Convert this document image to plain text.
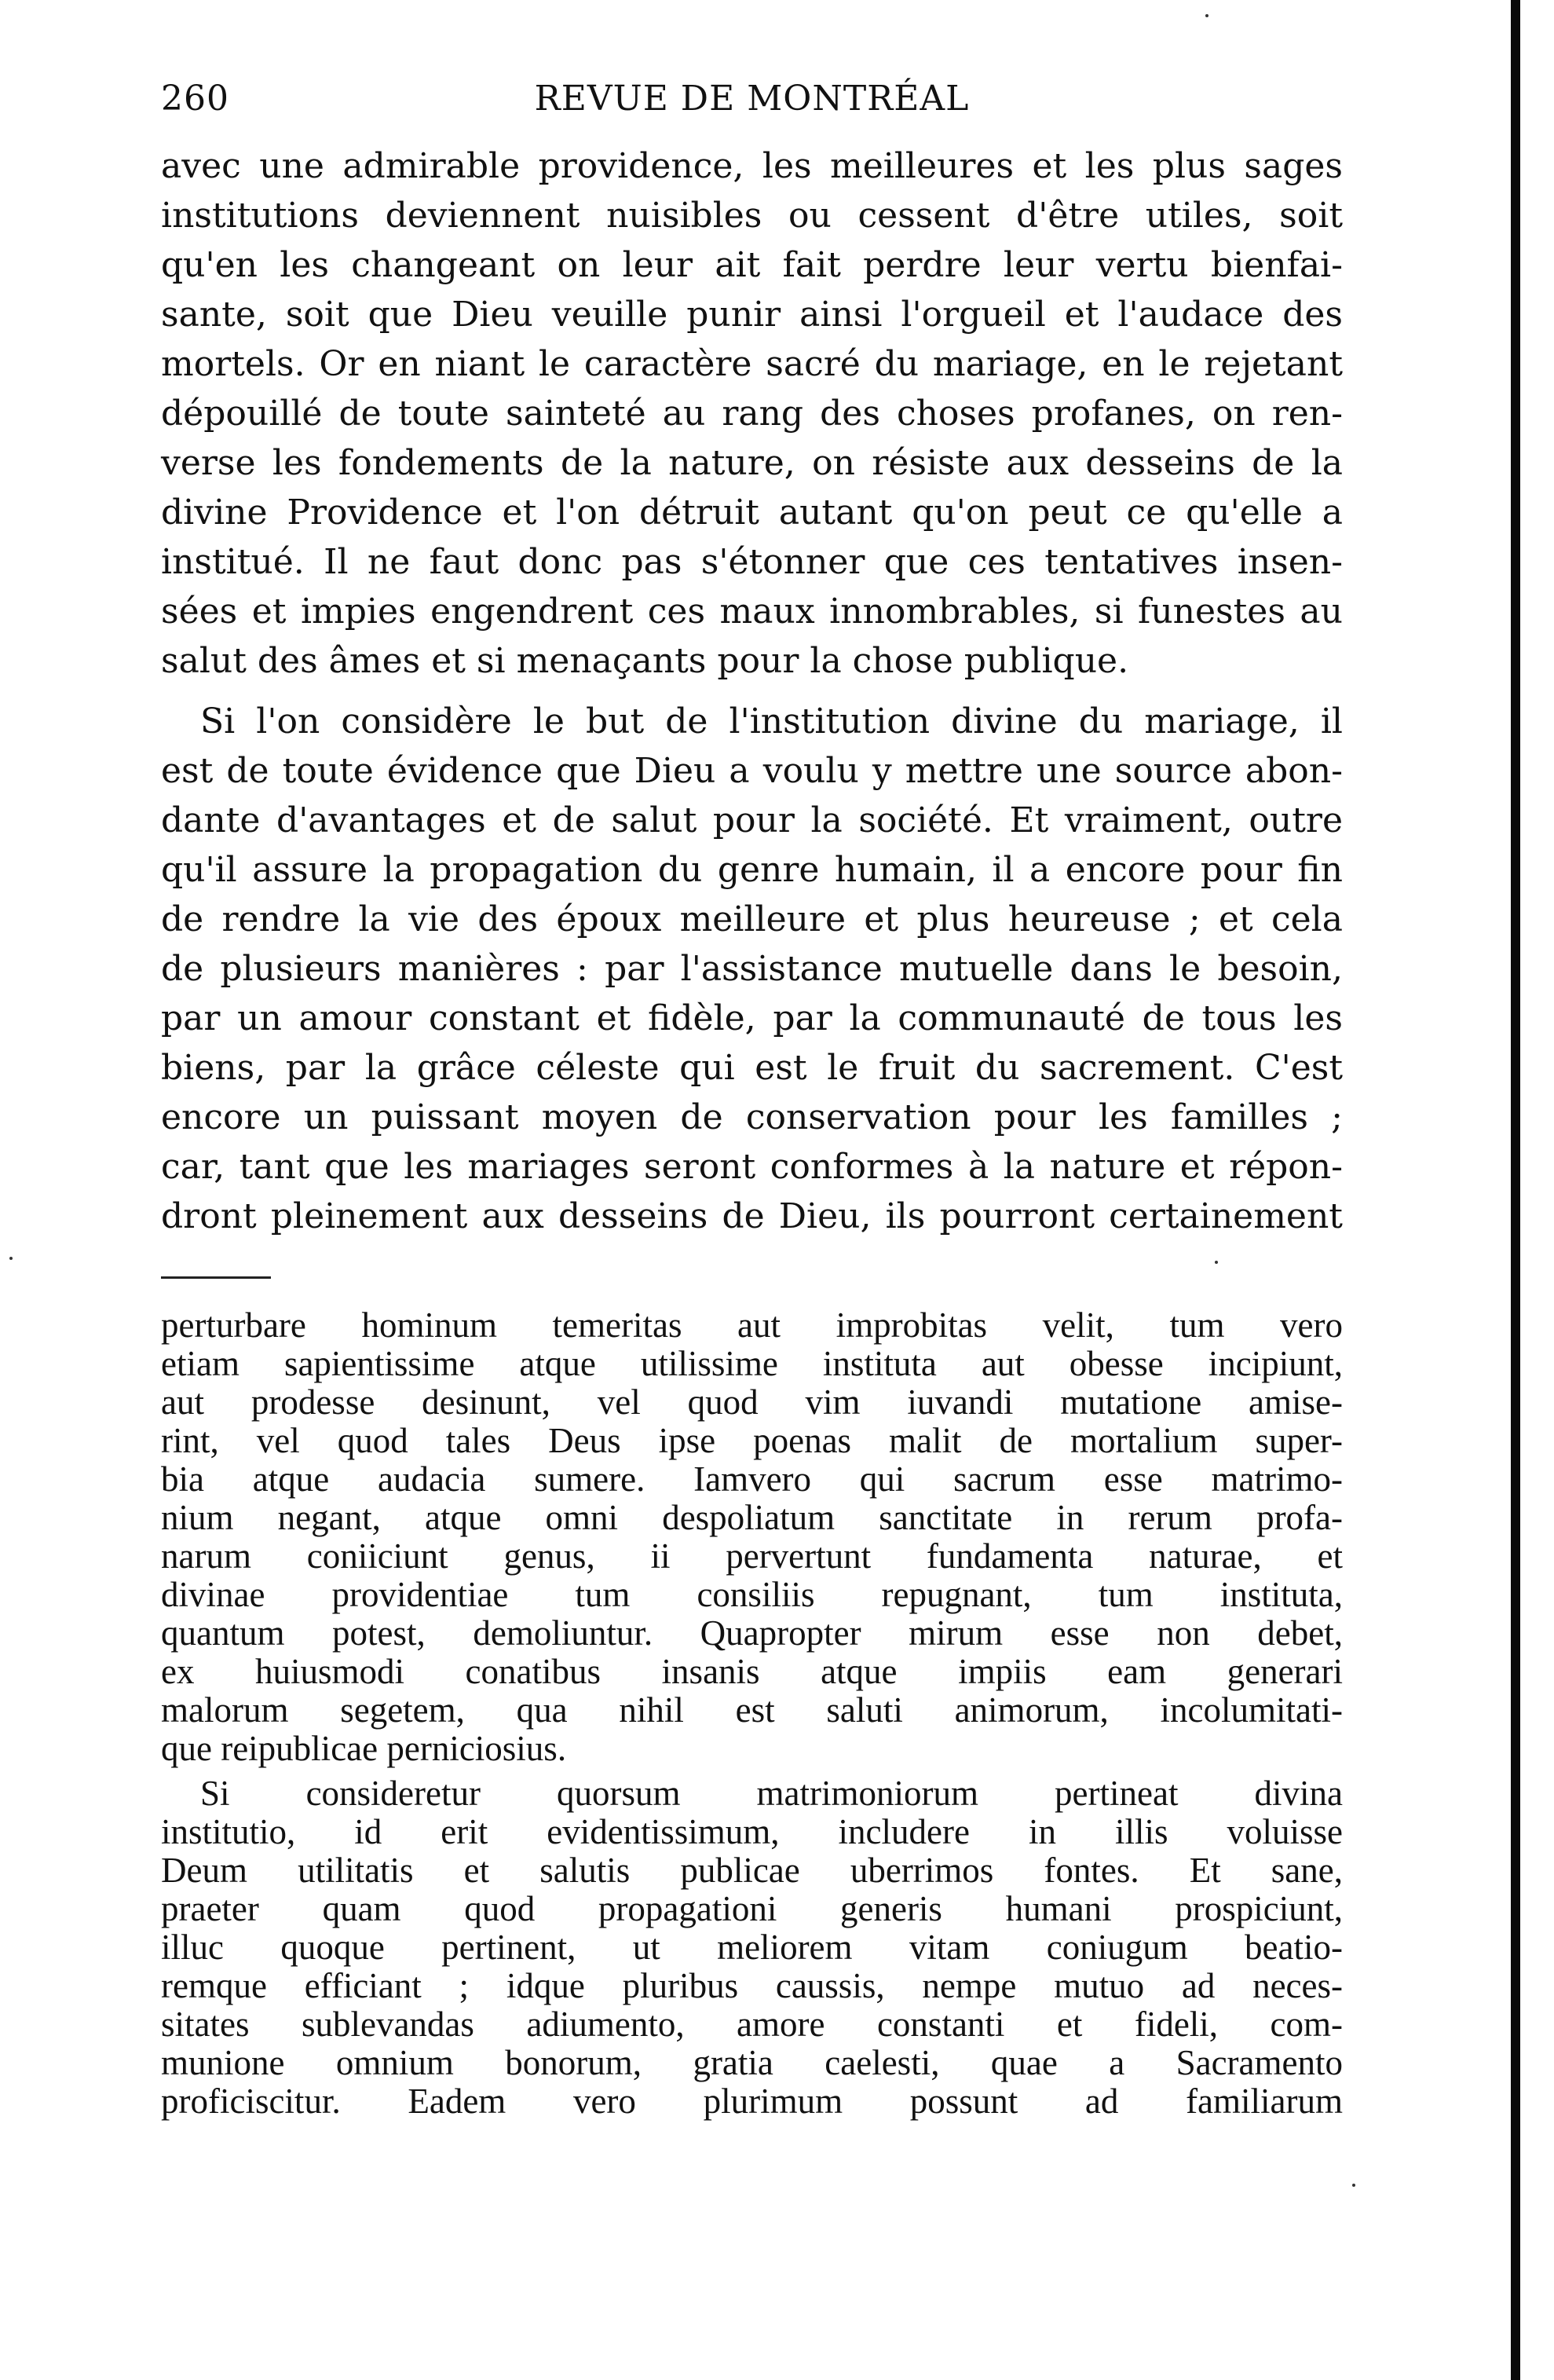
260	REVUE DE MONTRÉAL

avec une admirable providence, les meilleures et les plus sages
institutions deviennent nuisibles ou cessent d'être utiles, soit
qu'en les changeant on leur ait fait perdre leur vertu bienfai-
sante, soit que Dieu veuille punir ainsi l'orgueil et l'audace des
mortels. Or en niant le caractère sacré du mariage, en le rejetant
dépouillé de toute sainteté au rang des choses profanes, on ren-
verse les fondements de la nature, on résiste aux desseins de la
divine Providence et l'on détruit autant qu'on peut ce qu'elle a
institué. Il ne faut donc pas s'étonner que ces tentatives insen-
sées et impies engendrent ces maux innombrables, si funestes au
salut des âmes et si menaçants pour la chose publique.

Si l'on considère le but de l'institution divine du mariage, il
est de toute évidence que Dieu a voulu y mettre une source abon-
dante d'avantages et de salut pour la société. Et vraiment, outre
qu'il assure la propagation du genre humain, il a encore pour fin
de rendre la vie des époux meilleure et plus heureuse ; et cela
de plusieurs manières : par l'assistance mutuelle dans le besoin,
par un amour constant et fidèle, par la communauté de tous les
biens, par la grâce céleste qui est le fruit du sacrement. C'est
encore un puissant moyen de conservation pour les familles ;
car, tant que les mariages seront conformes à la nature et répon-
dront pleinement aux desseins de Dieu, ils pourront certainement

perturbare hominum temeritas aut improbitas velit, tum vero
etiam sapientissime atque utilissime instituta aut obesse incipiunt,
aut prodesse desinunt, vel quod vim iuvandi mutatione amise-
rint, vel quod tales Deus ipse poenas malit de mortalium super-
bia atque audacia sumere. Iamvero qui sacrum esse matrimo-
nium negant, atque omni despoliatum sanctitate in rerum profa-
narum coniiciunt genus, ii pervertunt fundamenta naturae, et
divinae providentiae tum consiliis repugnant, tum instituta,
quantum potest, demoliuntur. Quapropter mirum esse non debet,
ex huiusmodi conatibus insanis atque impiis eam generari
malorum segetem, qua nihil est saluti animorum, incolumitati-
que reipublicae perniciosius.

Si consideretur quorsum matrimoniorum pertineat divina
institutio, id erit evidentissimum, includere in illis voluisse
Deum utilitatis et salutis publicae uberrimos fontes. Et sane,
praeter quam quod propagationi generis humani prospiciunt,
illuc quoque pertinent, ut meliorem vitam coniugum beatio-
remque efficiant ; idque pluribus caussis, nempe mutuo ad neces-
sitates sublevandas adiumento, amore constanti et fideli, com-
munione omnium bonorum, gratia caelesti, quae a Sacramento
proficiscitur. Eadem vero plurimum possunt ad familiarum
